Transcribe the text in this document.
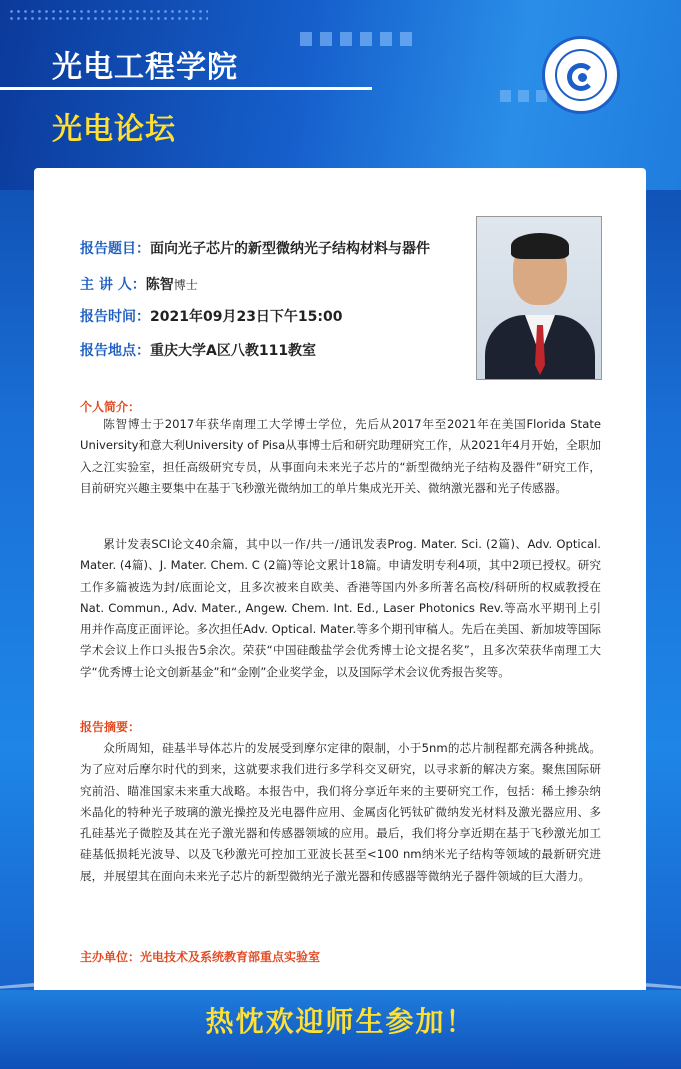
光电工程学院
光电论坛
报告题目：面向光子芯片的新型微纳光子结构材料与器件
主 讲 人：陈智博士
报告时间：2021年09月23日下午15:00
报告地点：重庆大学A区八教111教室
个人简介：
陈智博士于2017年获华南理工大学博士学位，先后从2017年至2021年在美国Florida State University和意大利University of Pisa从事博士后和研究助理研究工作，从2021年4月开始，全职加入之江实验室，担任高级研究专员，从事面向未来光子芯片的“新型微纳光子结构及器件”研究工作，目前研究兴趣主要集中在基于飞秒激光微纳加工的单片集成光开关、微纳激光器和光子传感器。
累计发表SCI论文40余篇，其中以一作/共一/通讯发表Prog. Mater. Sci. (2篇)、Adv. Optical. Mater. (4篇)、J. Mater. Chem. C (2篇)等论文累计18篇。申请发明专利4项，其中2项已授权。研究工作多篇被选为封/底面论文，且多次被来自欧美、香港等国内外多所著名高校/科研所的权威教授在Nat. Commun., Adv. Mater., Angew. Chem. Int. Ed., Laser Photonics Rev.等高水平期刊上引用并作高度正面评论。多次担任Adv. Optical. Mater.等多个期刊审稿人。先后在美国、新加坡等国际学术会议上作口头报告5余次。荣获“中国硅酸盐学会优秀博士论文提名奖”，且多次荣获华南理工大学“优秀博士论文创新基金”和“金刚”企业奖学金，以及国际学术会议优秀报告奖等。
报告摘要：
众所周知，硅基半导体芯片的发展受到摩尔定律的限制，小于5nm的芯片制程都充满各种挑战。为了应对后摩尔时代的到来，这就要求我们进行多学科交叉研究，以寻求新的解决方案。聚焦国际研究前沿、瞄准国家未来重大战略。本报告中，我们将分享近年来的主要研究工作，包括：稀土掺杂纳米晶化的特种光子玻璃的激光操控及光电器件应用、金属卤化钙钛矿微纳发光材料及激光器应用、多孔硅基光子微腔及其在光子激光器和传感器领域的应用。最后，我们将分享近期在基于飞秒激光加工硅基低损耗光波导、以及飞秒激光可控加工亚波长甚至<100 nm纳米光子结构等领域的最新研究进展，并展望其在面向未来光子芯片的新型微纳光子激光器和传感器等微纳光子器件领域的巨大潜力。
主办单位：光电技术及系统教育部重点实验室
热忱欢迎师生参加！
